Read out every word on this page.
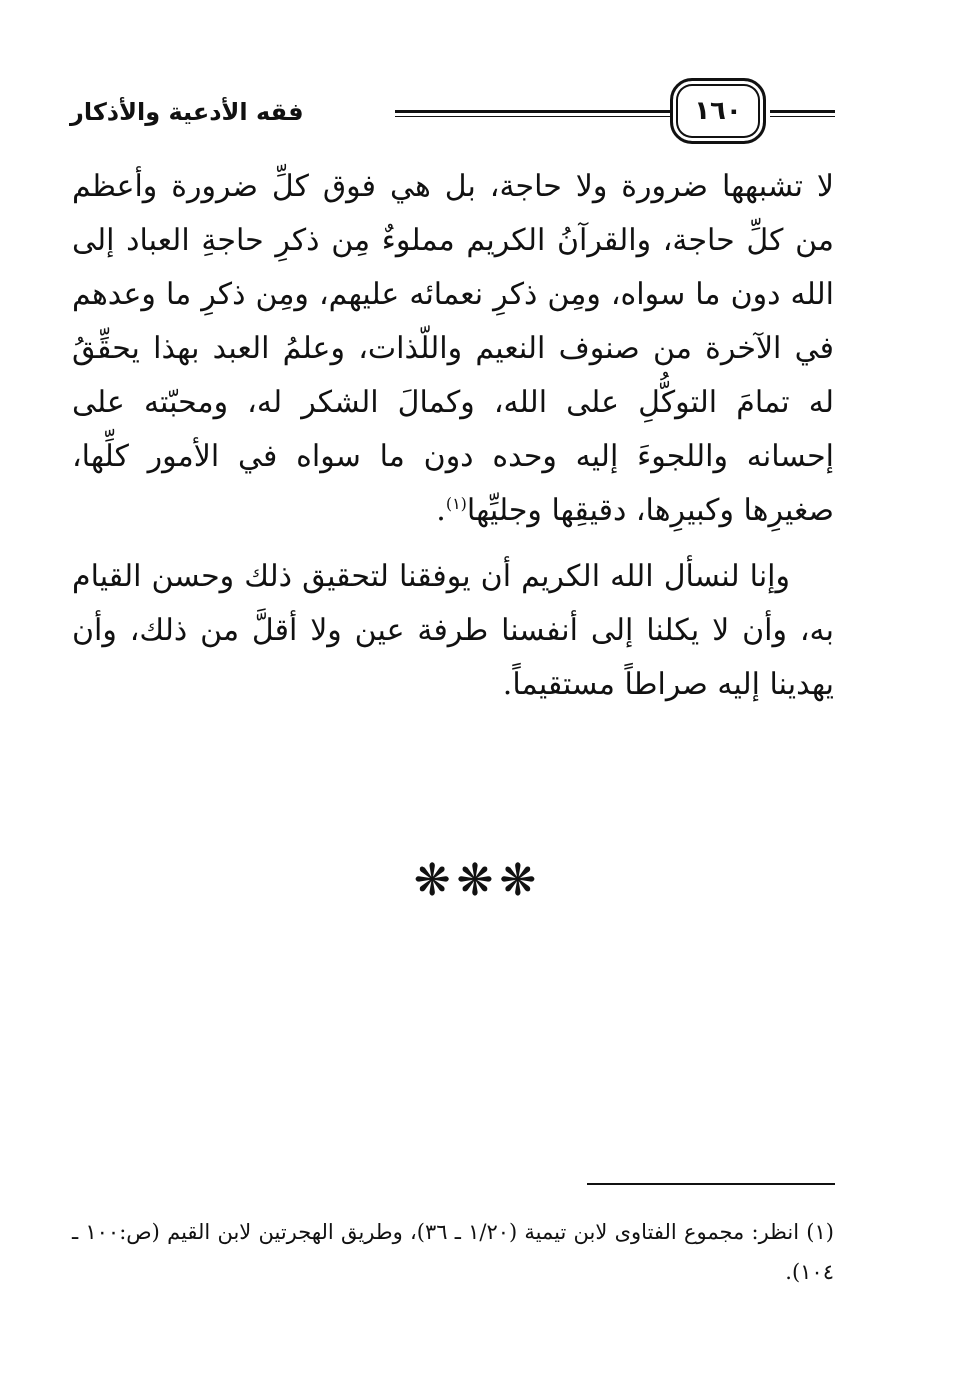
١٦٠
فقه الأدعية والأذكار

لا تشبهها ضرورة ولا حاجة، بل هي فوق كلِّ ضرورة وأعظم من كلِّ حاجة، والقرآنُ الكريم مملوءٌ مِن ذكرِ حاجةِ العباد إلى الله دون ما سواه، ومِن ذكرِ نعمائه عليهم، ومِن ذكرِ ما وعدهم في الآخرة من صنوف النعيم واللّذات، وعلمُ العبد بهذا يحقِّقُ له تمامَ التوكُّلِ على الله، وكمالَ الشكر له، ومحبّته على إحسانه واللجوءَ إليه وحده دون ما سواه في الأمور كلِّها، صغيرِها وكبيرِها، دقيقِها وجليِّها$^{(١)}$.

وإنا لنسأل الله الكريم أن يوفقنا لتحقيق ذلك وحسن القيام به، وأن لا يكلنا إلى أنفسنا طرفة عين ولا أقلَّ من ذلك، وأن يهدينا إليه صراطاً مستقيماً.

❋❋❋
(١) انظر: مجموع الفتاوى لابن تيمية (١/٢٠ ـ ٣٦)، وطريق الهجرتين لابن القيم (ص:١٠٠ ـ ١٠٤).
